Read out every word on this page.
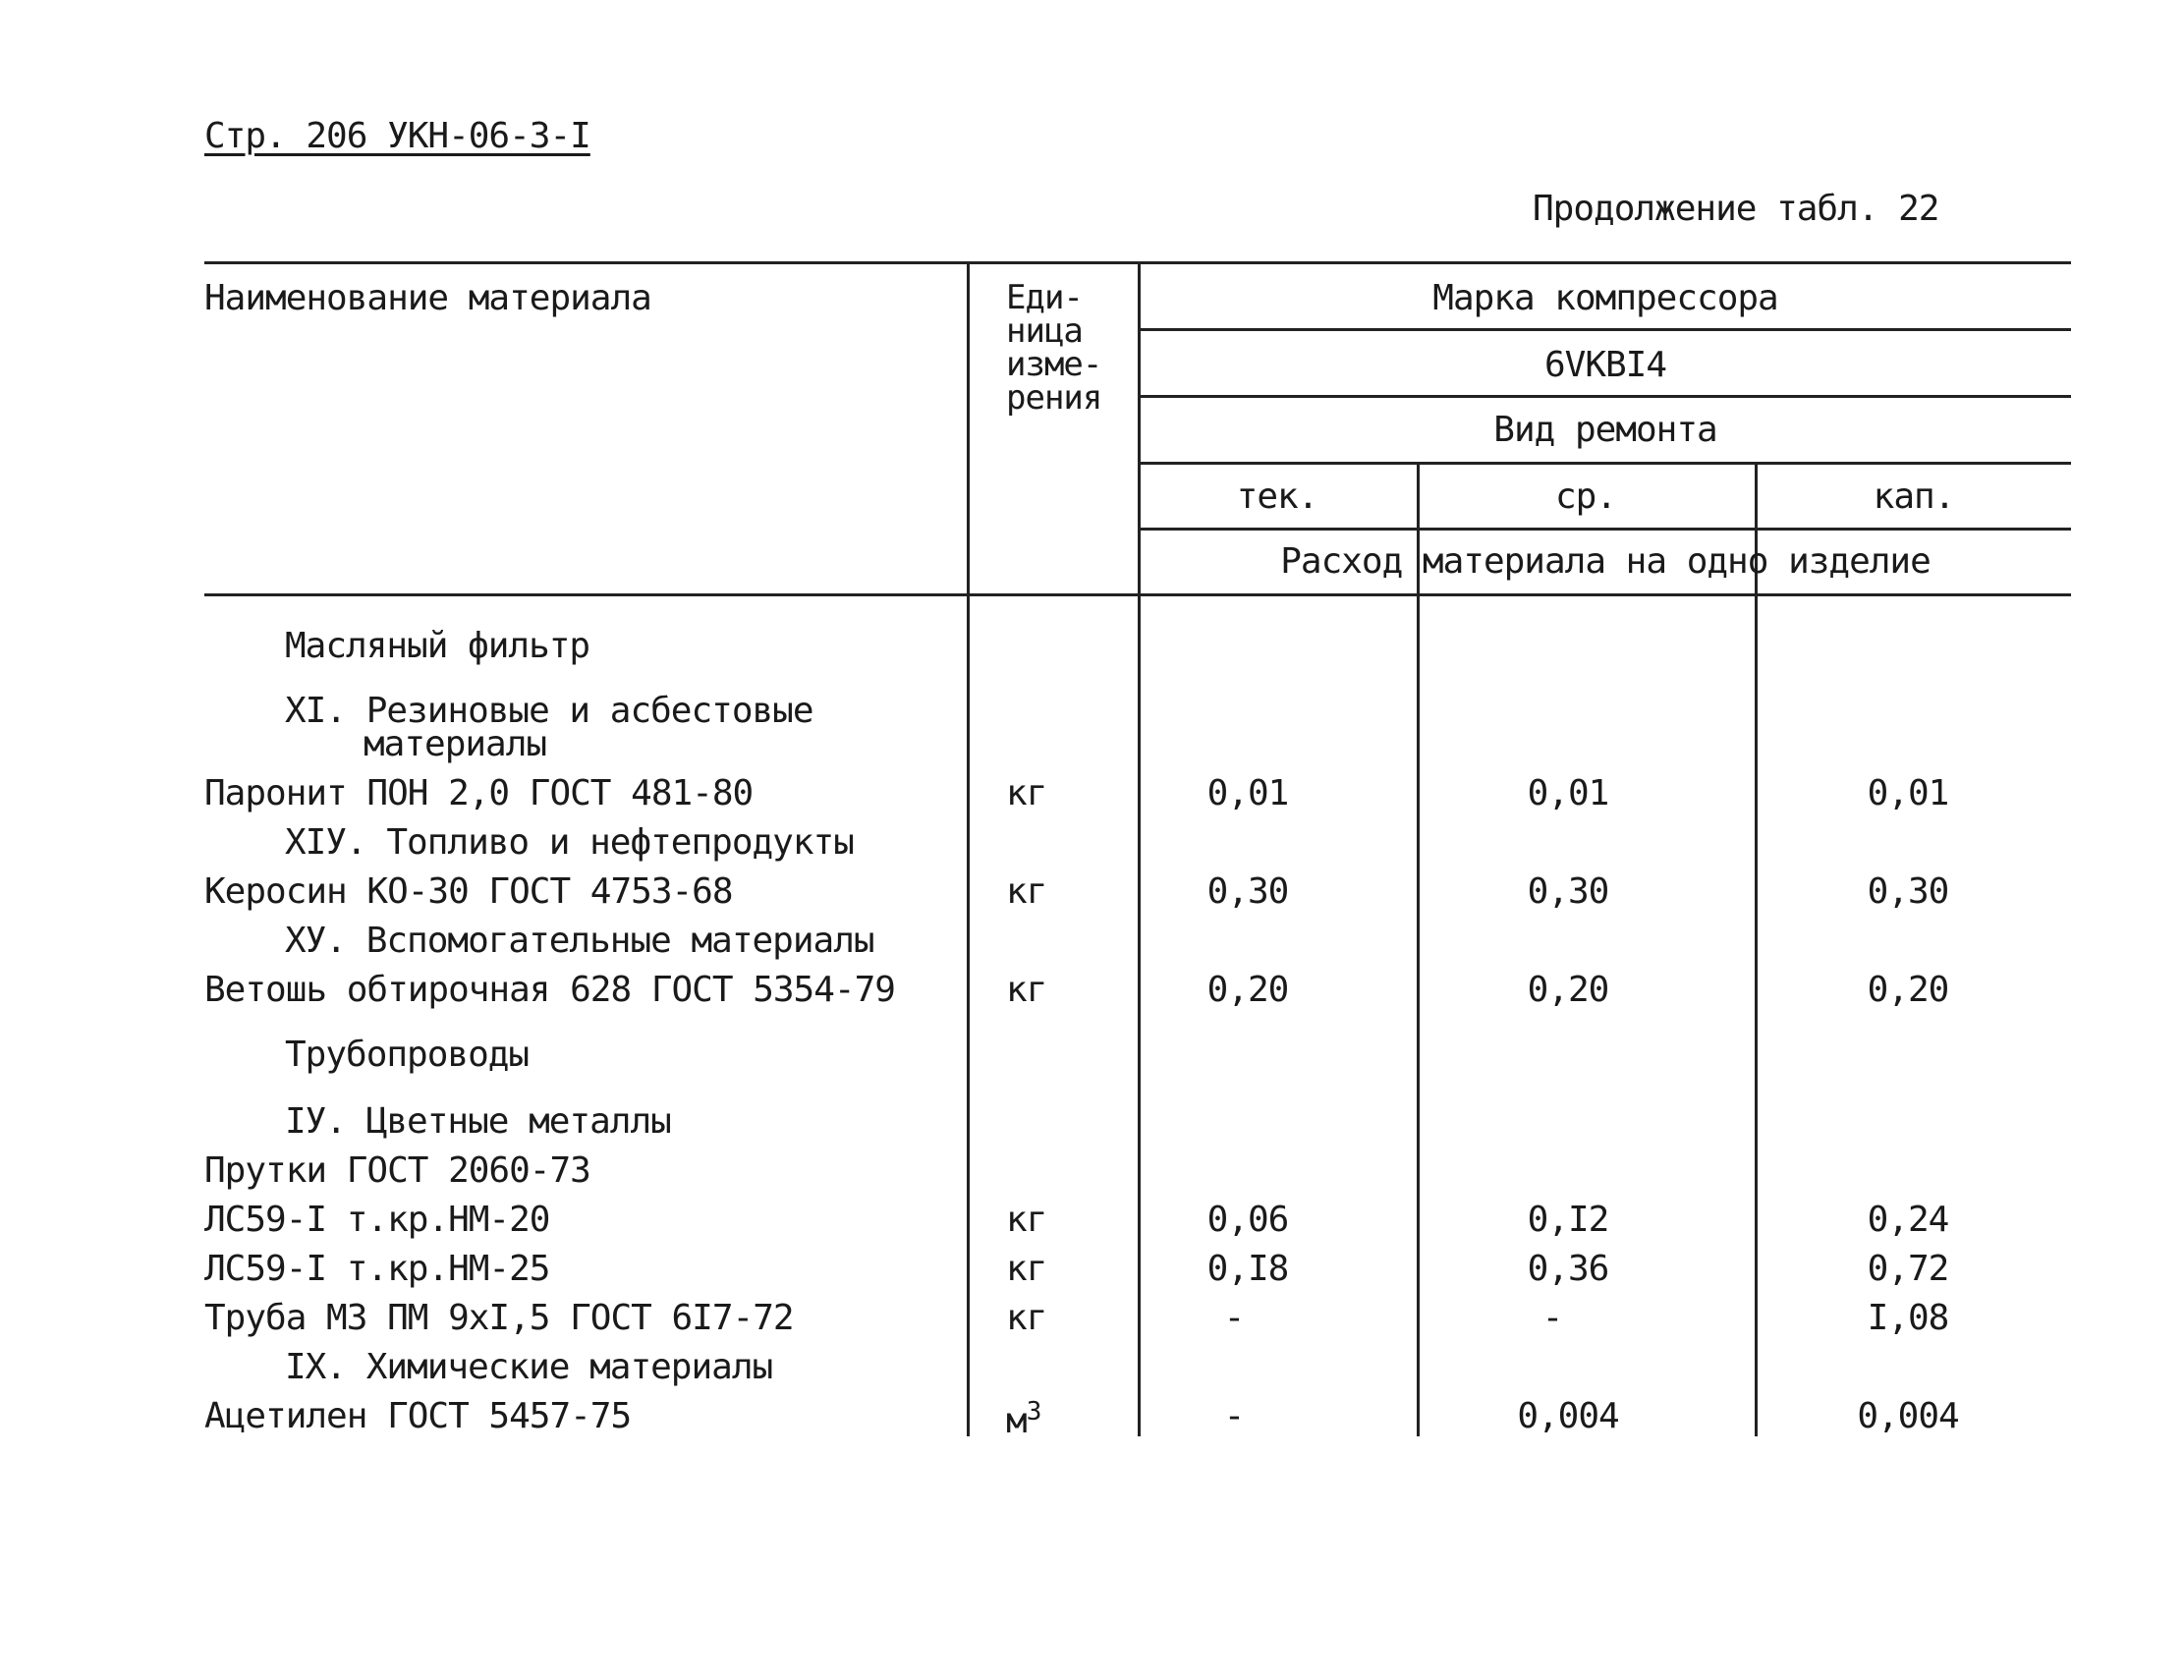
Стр. 206 УКН-06-3-I
Продолжение табл. 22
Наименование материала	Еди-
ница
изме-
рения
Марка компрессора
6VKBI4
Вид ремонта
тек.	ср.	кап.
Расход материала на одно изделие
Масляный фильтр
XI. Резиновые и асбестовые
материалы
Паронит ПОН 2,0 ГОСТ 481-80	кг	0,01	0,01	0,01
XIУ. Топливо и нефтепродукты
Керосин КО-30 ГОСТ 4753-68	кг	0,30	0,30	0,30
ХУ. Вспомогательные материалы
Ветошь обтирочная 628 ГОСТ 5354-79	кг	0,20	0,20	0,20
Трубопроводы
IУ. Цветные металлы
Прутки ГОСТ 2060-73
ЛС59-I т.кр.НМ-20	кг	0,06	0,I2	0,24
ЛС59-I т.кр.НМ-25	кг	0,I8	0,36	0,72
Труба М3 ПМ 9хI,5 ГОСТ 6I7-72	кг	-	-	I,08
IX. Химические материалы
Ацетилен ГОСТ 5457-75	$м^3$	-	0,004	0,004
